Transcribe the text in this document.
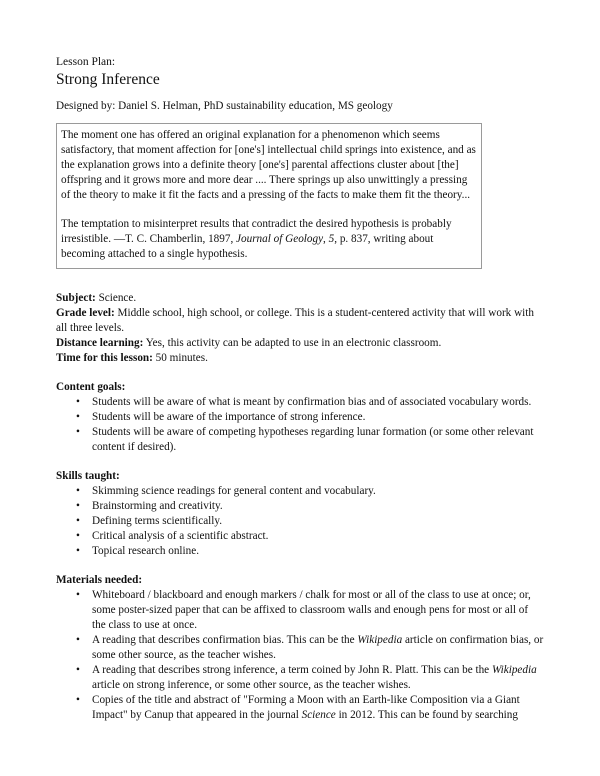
Lesson Plan:

Strong Inference

Designed by: Daniel S. Helman, PhD sustainability education, MS geology

The moment one has offered an original explanation for a phenomenon which seems satisfactory, that moment affection for [one's] intellectual child springs into existence, and as the explanation grows into a definite theory [one's] parental affections cluster about [the] offspring and it grows more and more dear .... There springs up also unwittingly a pressing of the theory to make it fit the facts and a pressing of the facts to make them fit the theory...

The temptation to misinterpret results that contradict the desired hypothesis is probably irresistible. —T. C. Chamberlin, 1897, Journal of Geology, 5, p. 837, writing about becoming attached to a single hypothesis.

Subject: Science.

Grade level: Middle school, high school, or college. This is a student-centered activity that will work with all three levels.

Distance learning: Yes, this activity can be adapted to use in an electronic classroom.

Time for this lesson: 50 minutes.

Content goals:

• Students will be aware of what is meant by confirmation bias and of associated vocabulary words.
• Students will be aware of the importance of strong inference.
• Students will be aware of competing hypotheses regarding lunar formation (or some other relevant content if desired).

Skills taught:

• Skimming science readings for general content and vocabulary.
• Brainstorming and creativity.
• Defining terms scientifically.
• Critical analysis of a scientific abstract.
• Topical research online.

Materials needed:

• Whiteboard / blackboard and enough markers / chalk for most or all of the class to use at once; or, some poster-sized paper that can be affixed to classroom walls and enough pens for most or all of the class to use at once.
• A reading that describes confirmation bias. This can be the Wikipedia article on confirmation bias, or some other source, as the teacher wishes.
• A reading that describes strong inference, a term coined by John R. Platt. This can be the Wikipedia article on strong inference, or some other source, as the teacher wishes.
• Copies of the title and abstract of "Forming a Moon with an Earth-like Composition via a Giant Impact" by Canup that appeared in the journal Science in 2012. This can be found by searching
